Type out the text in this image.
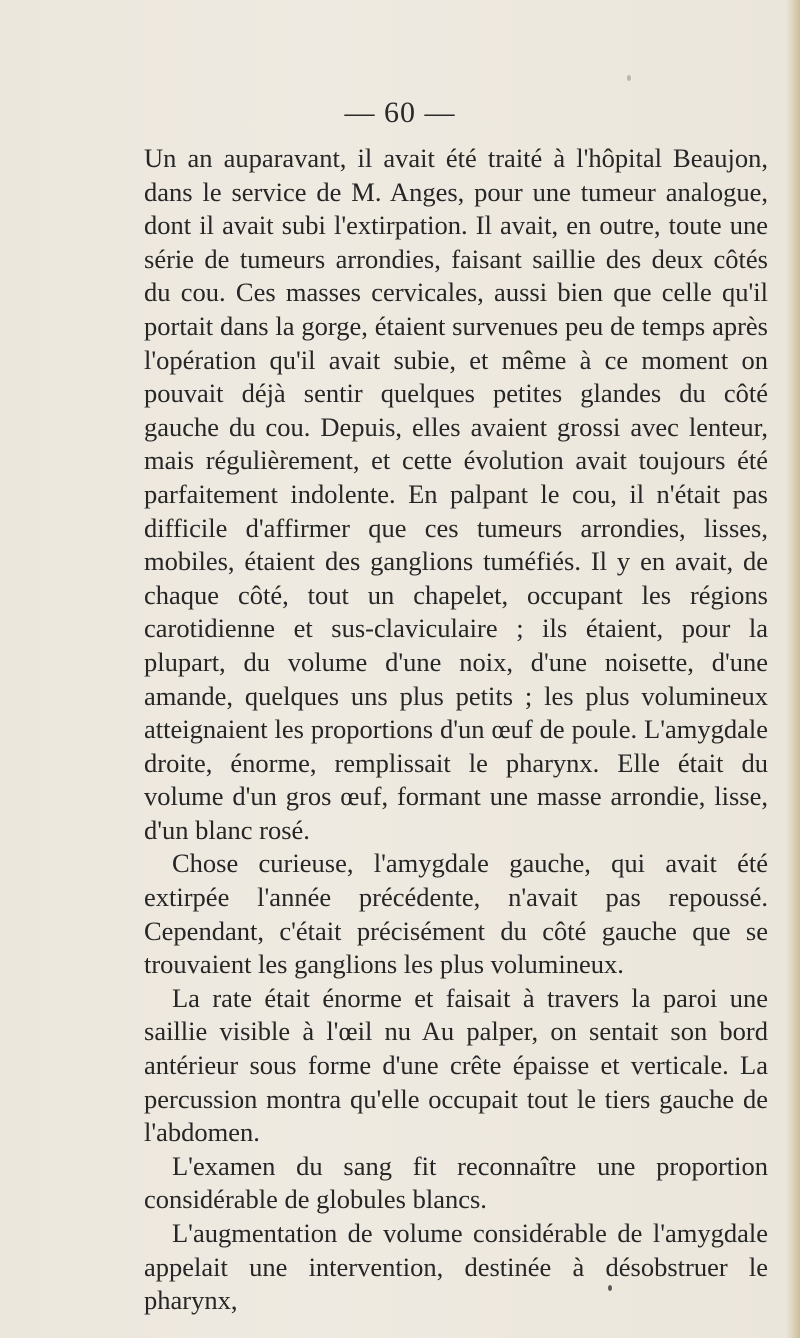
— 60 —

Un an auparavant, il avait été traité à l'hôpital Beaujon, dans le service de M. Anges, pour une tumeur analogue, dont il avait subi l'extirpation. Il avait, en outre, toute une série de tumeurs arrondies, faisant saillie des deux côtés du cou. Ces masses cervicales, aussi bien que celle qu'il portait dans la gorge, étaient survenues peu de temps après l'opération qu'il avait subie, et même à ce moment on pouvait déjà sentir quelques petites glandes du côté gauche du cou. Depuis, elles avaient grossi avec lenteur, mais régulièrement, et cette évolution avait toujours été parfaitement indolente. En palpant le cou, il n'était pas difficile d'affirmer que ces tumeurs arrondies, lisses, mobiles, étaient des ganglions tuméfiés. Il y en avait, de chaque côté, tout un chapelet, occupant les régions carotidienne et sus-claviculaire ; ils étaient, pour la plupart, du volume d'une noix, d'une noisette, d'une amande, quelques uns plus petits ; les plus volumineux atteignaient les proportions d'un œuf de poule. L'amygdale droite, énorme, remplissait le pharynx. Elle était du volume d'un gros œuf, formant une masse arrondie, lisse, d'un blanc rosé.

Chose curieuse, l'amygdale gauche, qui avait été extirpée l'année précédente, n'avait pas repoussé. Cependant, c'était précisément du côté gauche que se trouvaient les ganglions les plus volumineux.

La rate était énorme et faisait à travers la paroi une saillie visible à l'œil nu Au palper, on sentait son bord antérieur sous forme d'une crête épaisse et verticale. La percussion montra qu'elle occupait tout le tiers gauche de l'abdomen.

L'examen du sang fit reconnaître une proportion considérable de globules blancs.

L'augmentation de volume considérable de l'amygdale appelait une intervention, destinée à désobstruer le pharynx,
